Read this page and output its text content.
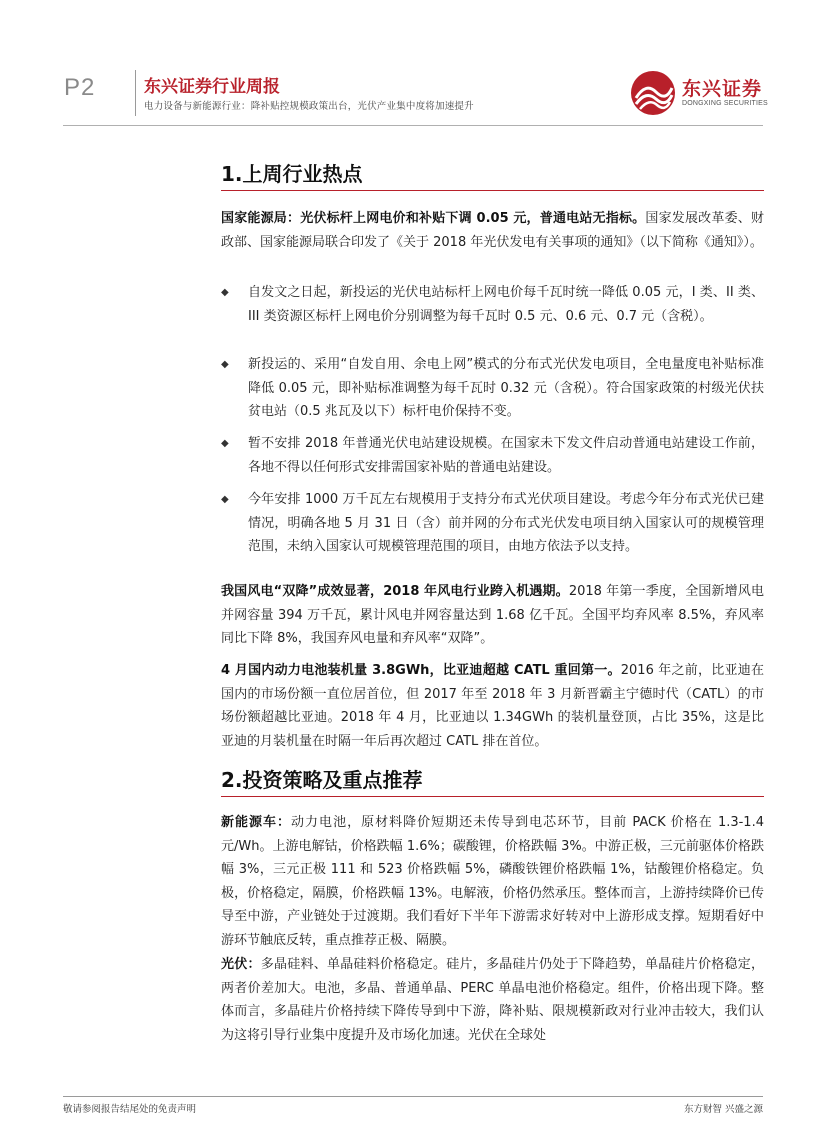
P2	东兴证券行业周报
电力设备与新能源行业：降补贴控规模政策出台，光伏产业集中度将加速提升
东兴证券
DONGXING SECURITIES
1.上周行业热点

国家能源局：光伏标杆上网电价和补贴下调 0.05 元，普通电站无指标。国家发展改革委、财政部、国家能源局联合印发了《关于 2018 年光伏发电有关事项的通知》（以下简称《通知》）。

◆ 自发文之日起，新投运的光伏电站标杆上网电价每千瓦时统一降低 0.05 元，I 类、II 类、III 类资源区标杆上网电价分别调整为每千瓦时 0.5 元、0.6 元、0.7 元（含税）。

◆ 新投运的、采用“自发自用、余电上网”模式的分布式光伏发电项目，全电量度电补贴标准降低 0.05 元，即补贴标准调整为每千瓦时 0.32 元（含税）。符合国家政策的村级光伏扶贫电站（0.5 兆瓦及以下）标杆电价保持不变。

◆ 暂不安排 2018 年普通光伏电站建设规模。在国家未下发文件启动普通电站建设工作前，各地不得以任何形式安排需国家补贴的普通电站建设。

◆ 今年安排 1000 万千瓦左右规模用于支持分布式光伏项目建设。考虑今年分布式光伏已建情况，明确各地 5 月 31 日（含）前并网的分布式光伏发电项目纳入国家认可的规模管理范围，未纳入国家认可规模管理范围的项目，由地方依法予以支持。

我国风电“双降”成效显著，2018 年风电行业跨入机遇期。2018 年第一季度，全国新增风电并网容量 394 万千瓦，累计风电并网容量达到 1.68 亿千瓦。全国平均弃风率 8.5%，弃风率同比下降 8%，我国弃风电量和弃风率“双降”。

4 月国内动力电池装机量 3.8GWh，比亚迪超越 CATL 重回第一。2016 年之前，比亚迪在国内的市场份额一直位居首位，但 2017 年至 2018 年 3 月新晋霸主宁德时代（CATL）的市场份额超越比亚迪。2018 年 4 月，比亚迪以 1.34GWh 的装机量登顶，占比 35%，这是比亚迪的月装机量在时隔一年后再次超过 CATL 排在首位。

2.投资策略及重点推荐

新能源车：动力电池，原材料降价短期还未传导到电芯环节，目前 PACK 价格在 1.3-1.4 元/Wh。上游电解钴，价格跌幅 1.6%；碳酸锂，价格跌幅 3%。中游正极，三元前驱体价格跌幅 3%，三元正极 111 和 523 价格跌幅 5%，磷酸铁锂价格跌幅 1%，钴酸锂价格稳定。负极，价格稳定，隔膜，价格跌幅 13%。电解液，价格仍然承压。整体而言，上游持续降价已传导至中游，产业链处于过渡期。我们看好下半年下游需求好转对中上游形成支撑。短期看好中游环节触底反转，重点推荐正极、隔膜。

光伏：多晶硅料、单晶硅料价格稳定。硅片，多晶硅片仍处于下降趋势，单晶硅片价格稳定，两者价差加大。电池，多晶、普通单晶、PERC 单晶电池价格稳定。组件，价格出现下降。整体而言，多晶硅片价格持续下降传导到中下游，降补贴、限规模新政对行业冲击较大，我们认为这将引导行业集中度提升及市场化加速。光伏在全球处

敬请参阅报告结尾处的免责声明	东方财智 兴盛之源
